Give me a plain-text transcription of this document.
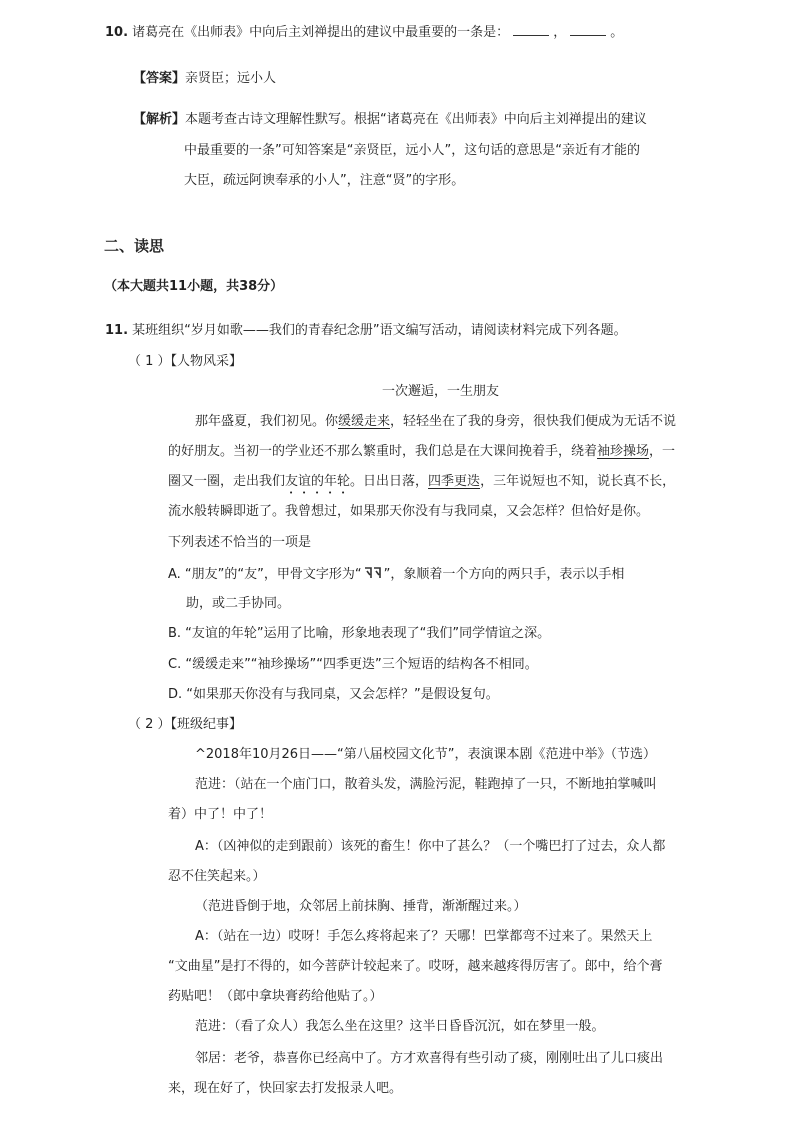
10. 诸葛亮在《出师表》中向后主刘禅提出的建议中最重要的一条是：	，	。
【答案】亲贤臣；远小人
【解析】本题考查古诗文理解性默写。根据“诸葛亮在《出师表》中向后主刘禅提出的建议
中最重要的一条”可知答案是“亲贤臣，远小人”，这句话的意思是“亲近有才能的
大臣，疏远阿谀奉承的小人”，注意“贤”的字形。
二、读思
（本大题共11小题，共38分）
11. 某班组织“岁月如歌——我们的青春纪念册”语文编写活动，请阅读材料完成下列各题。
（ 1 ）【人物风采】
一次邂逅，一生朋友
那年盛夏，我们初见。你缓缓走来，轻轻坐在了我的身旁，很快我们便成为无话不说
的好朋友。当初一的学业还不那么繁重时，我们总是在大课间挽着手，绕着袖珍操场，一
圈又一圈，走出我们友谊的年轮。日出日落，四季更迭，三年说短也不知，说长真不长，
流水般转瞬即逝了。我曾想过，如果那天你没有与我同桌，又会怎样？但恰好是你。
下列表述不恰当的一项是
A. “朋友”的“友”，甲骨文字形为“ ”，象顺着一个方向的两只手，表示以手相
助，或二手协同。
B. “友谊的年轮”运用了比喻，形象地表现了“我们”同学情谊之深。
C. “缓缓走来”“袖珍操场”“四季更迭”三个短语的结构各不相同。
D. “如果那天你没有与我同桌，又会怎样？”是假设复句。
（ 2 ）【班级纪事】
^2018年10月26日——“第八届校园文化节”，表演课本剧《范进中举》（节选）
范进：（站在一个庙门口，散着头发，满脸污泥，鞋跑掉了一只，不断地拍掌喊叫
着）中了！中了！
A：（凶神似的走到跟前）该死的畜生！你中了甚么？（一个嘴巴打了过去，众人都
忍不住笑起来。）
（范进昏倒于地，众邻居上前抹胸、捶背，渐渐醒过来。）
A：（站在一边）哎呀！手怎么疼将起来了？天哪！巴掌都弯不过来了。果然天上
“文曲星”是打不得的，如今菩萨计较起来了。哎呀，越来越疼得厉害了。郎中，给个膏
药贴吧！（郎中拿块膏药给他贴了。）
范进：（看了众人）我怎么坐在这里？这半日昏昏沉沉，如在梦里一般。
邻居：老爷，恭喜你已经高中了。方才欢喜得有些引动了痰，刚刚吐出了儿口痰出
来，现在好了，快回家去打发报录人吧。
